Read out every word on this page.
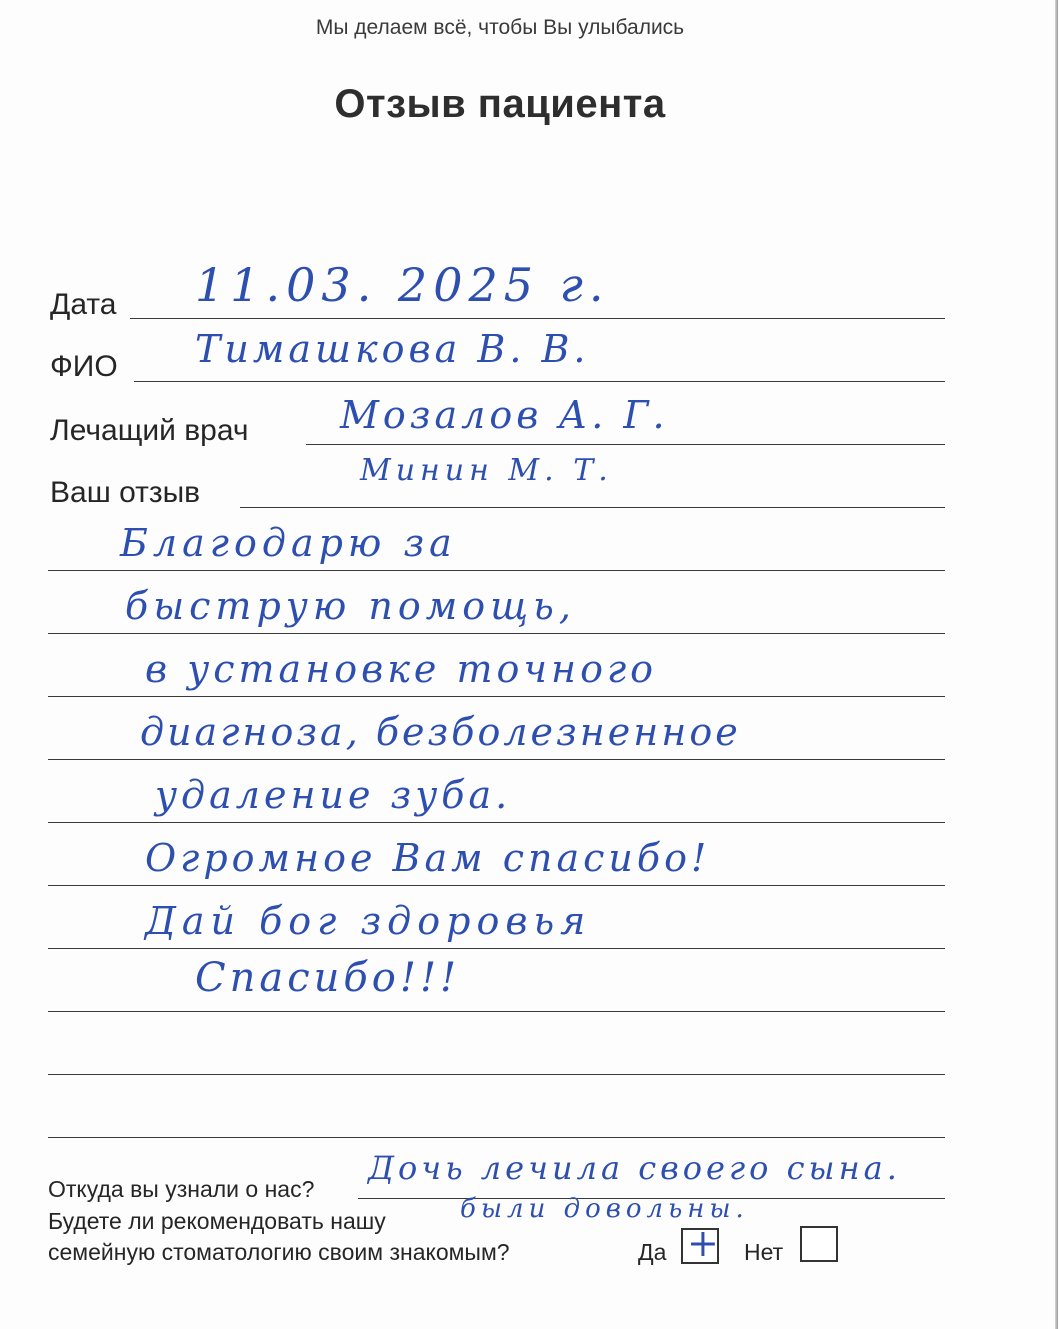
Мы делаем всё, чтобы Вы улыбались
Отзыв пациента
Дата 11.03. 2025 г.
ФИО Тимашкова В. В.
Лечащий врач Мозалов А. Г.
Ваш отзыв
Минин М. Т.
Благодарю за
быструю помощь,
в установке точного
диагноза, безболезненное
удаление зуба.
Огромное Вам спасибо!
Дай бог здоровья
Спасибо!!!
Откуда вы узнали о нас?
Дочь лечила своего сына.
были довольны.
Будете ли рекомендовать нашу
семейную стоматологию своим знакомым?	Да + Нет
